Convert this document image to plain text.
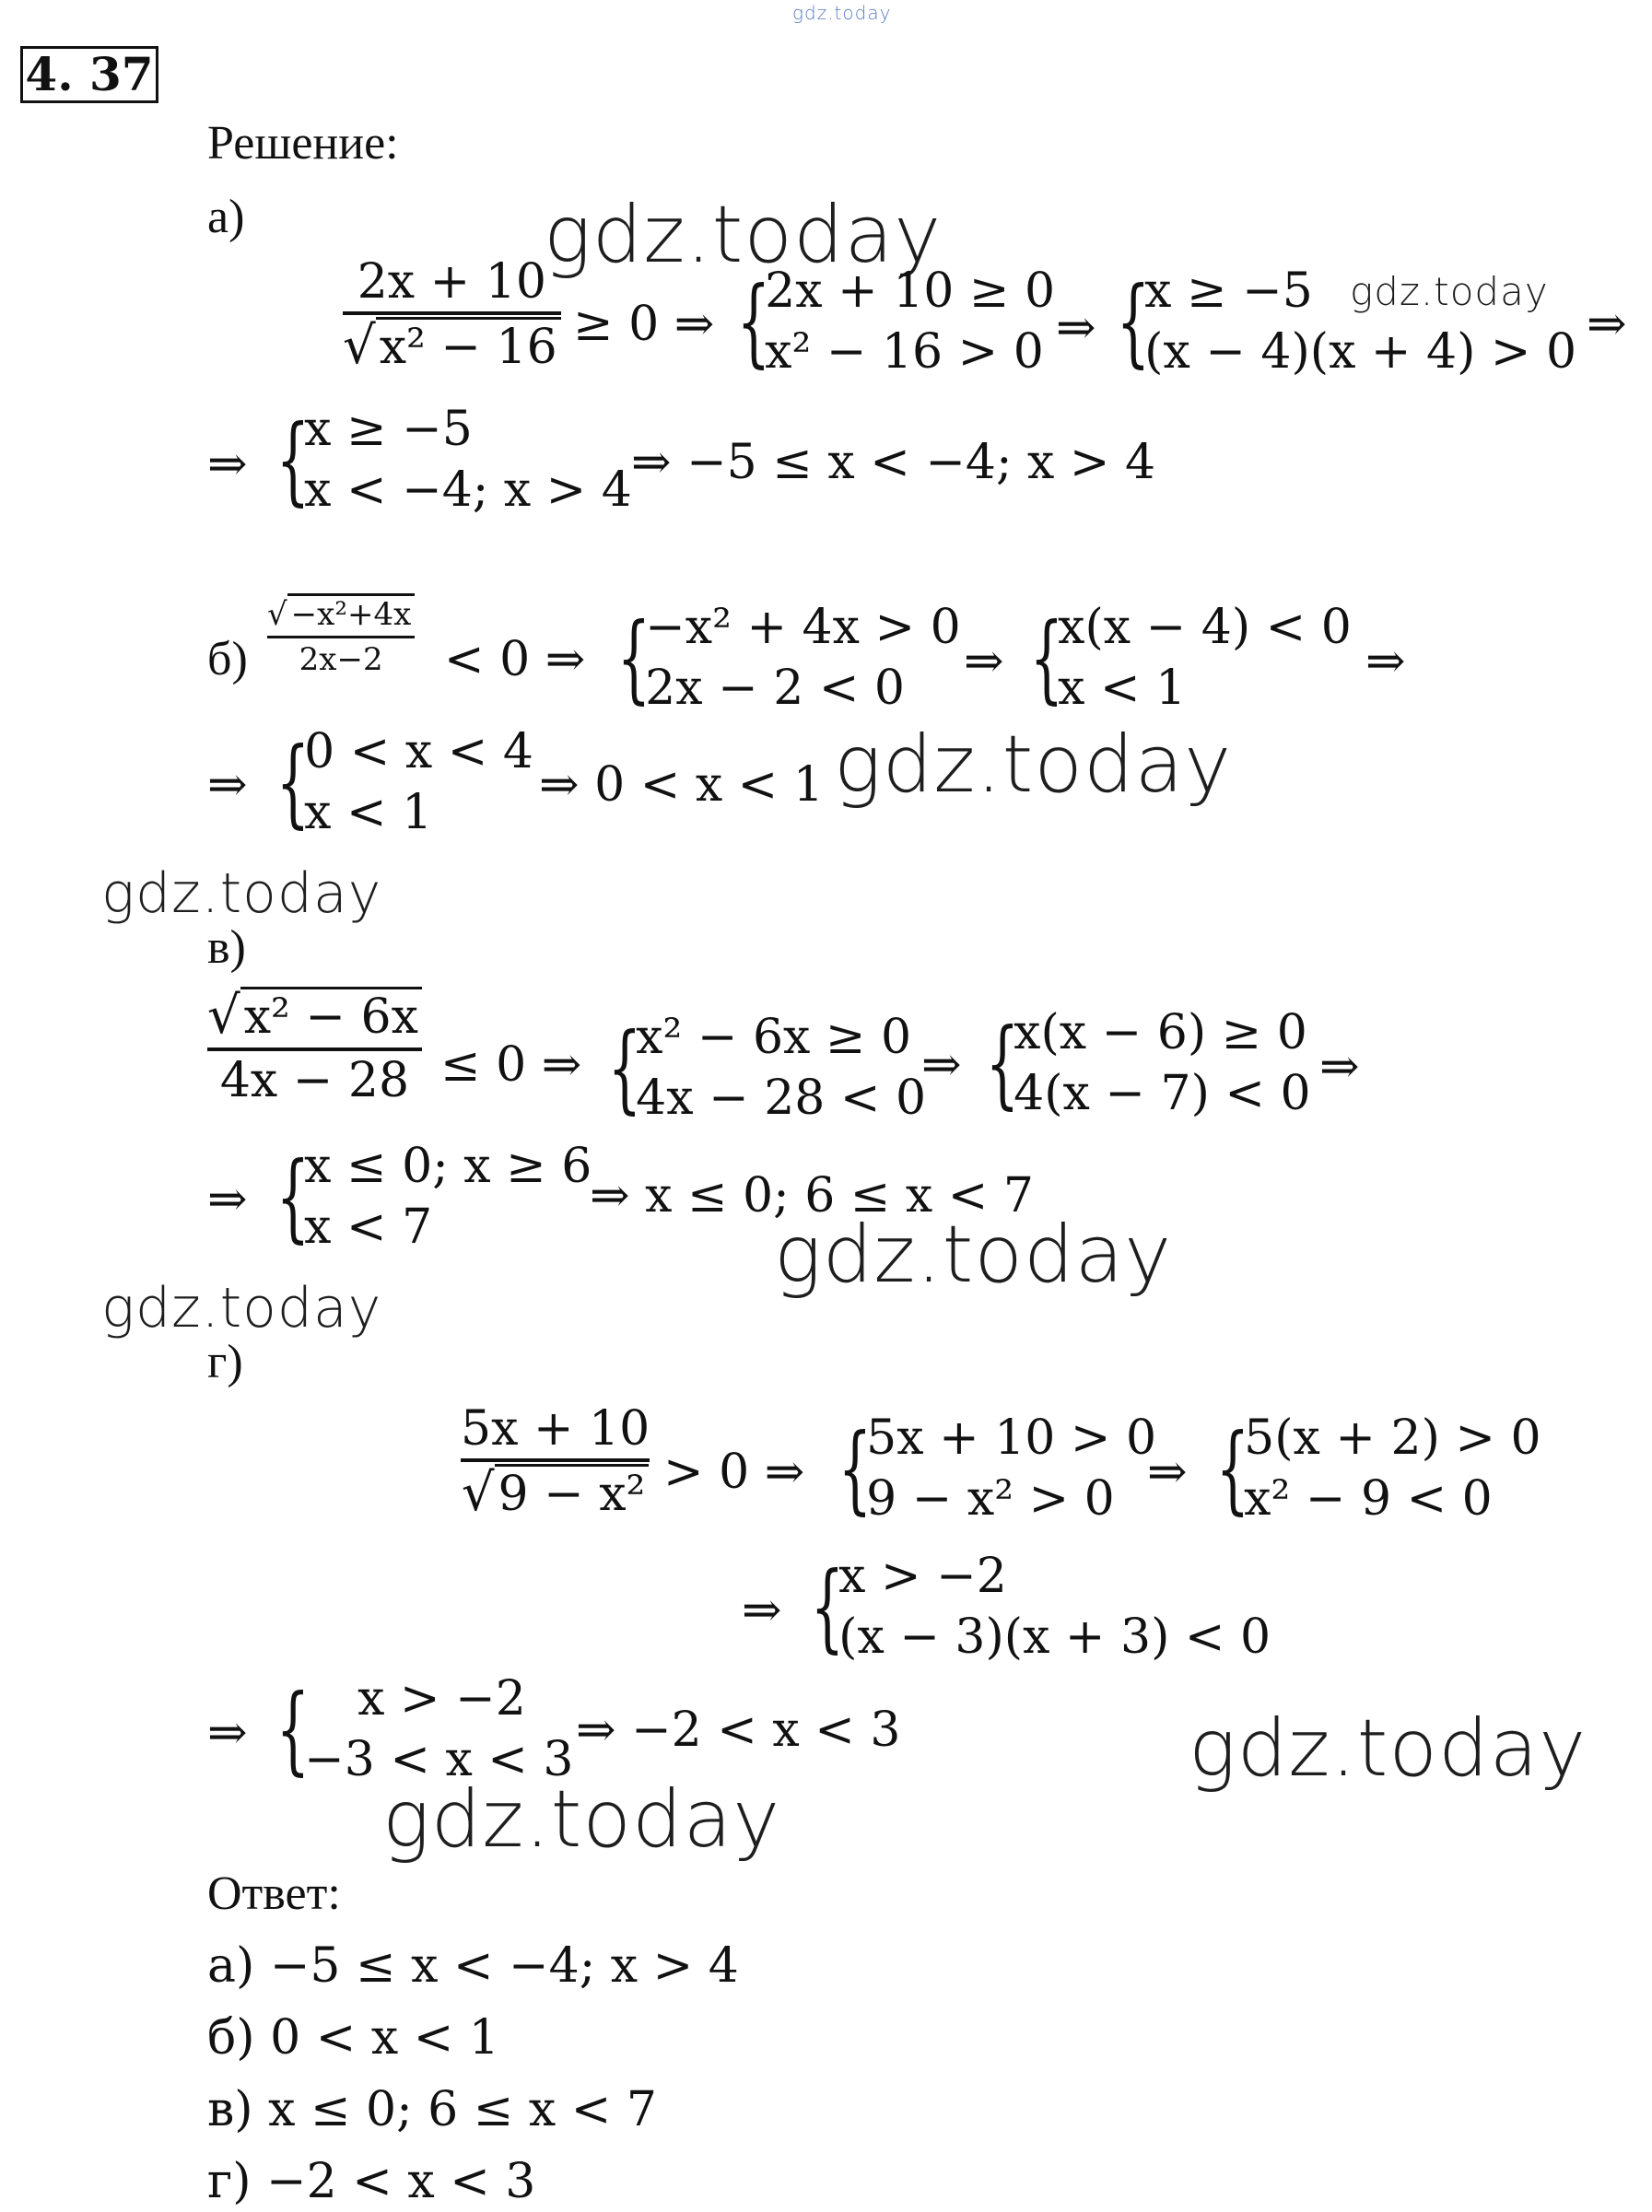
gdz.today
4. 37
Решение:
а)	gdz.today
2x + 10
√x² − 16 ≥ 0 ⇒ {
2x + 10 ≥ 0
x² − 16 > 0 ⇒ {
x ≥ −5
(x − 4)(x + 4) > 0
gdz.today
⇒
⇒ {
x ≥ −5
x < −4; x > 4 ⇒ −5 ≤ x < −4; x > 4
б)
√ −x²+4x
2x−2 < 0 ⇒ {
−x² + 4x > 0
2x − 2 < 0	⇒ {
x(x − 4) < 0
x < 1	⇒
⇒ {
0 < x < 4
x < 1	⇒ 0 < x < 1 gdz.today
gdz.today
в)
√x² − 6x
4x − 28 ≤ 0 ⇒ {
x² − 6x ≥ 0
4x − 28 < 0
⇒ {
x(x − 6) ≥ 0
4(x − 7) < 0 ⇒
⇒ {
x ≤ 0; x ≥ 6
x < 7
⇒ x ≤ 0; 6 ≤ x < 7
gdz.today
gdz.today
г)
5x + 10
√9 − x² > 0 ⇒ {
5x + 10 > 0
9 − x² > 0 ⇒ {
5(x + 2) > 0
x² − 9 < 0
⇒ {
x > −2
(x − 3)(x + 3) < 0
⇒ {	x > −2
−3 < x < 3
⇒ −2 < x < 3	gdz.today
gdz.today
Ответ:
а) −5 ≤ x < −4; x > 4
б) 0 < x < 1
в) x ≤ 0; 6 ≤ x < 7
г) −2 < x < 3
